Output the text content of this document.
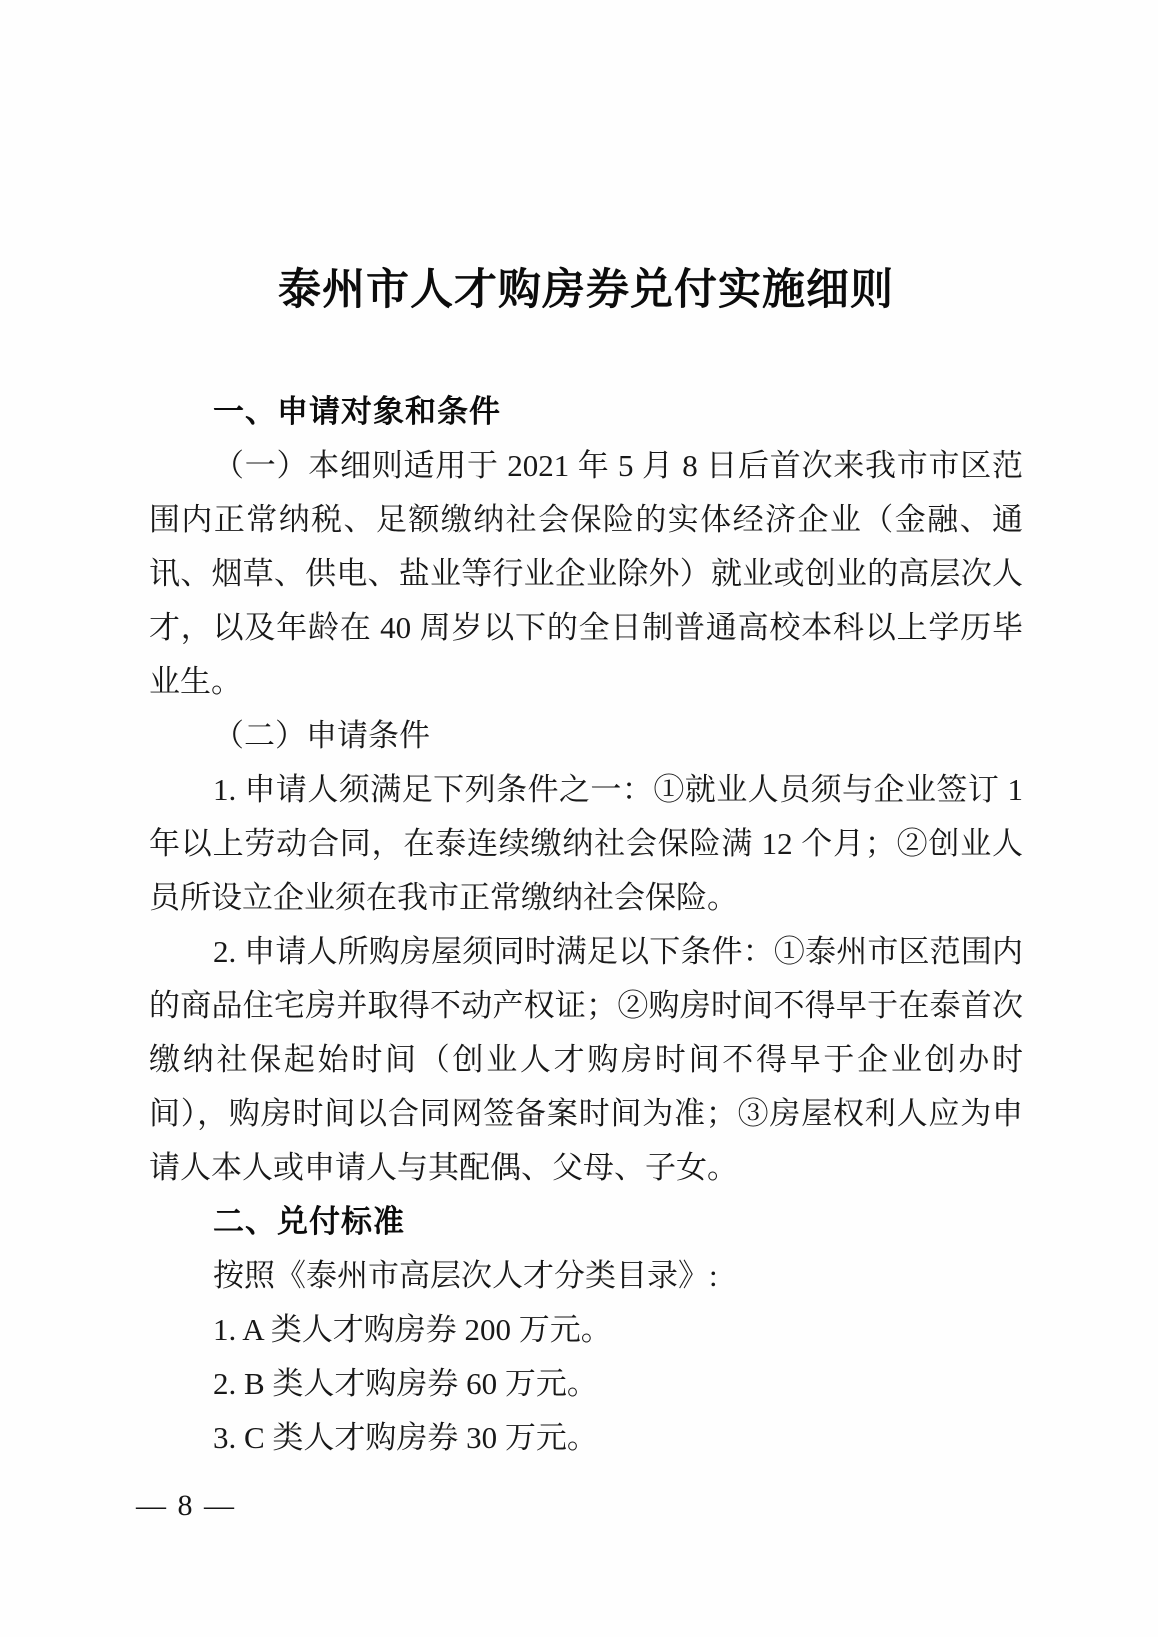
泰州市人才购房券兑付实施细则

一、申请对象和条件

（一）本细则适用于 2021 年 5 月 8 日后首次来我市市区范围内正常纳税、足额缴纳社会保险的实体经济企业（金融、通讯、烟草、供电、盐业等行业企业除外）就业或创业的高层次人才，以及年龄在 40 周岁以下的全日制普通高校本科以上学历毕业生。

（二）申请条件

1. 申请人须满足下列条件之一：①就业人员须与企业签订 1 年以上劳动合同，在泰连续缴纳社会保险满 12 个月；②创业人员所设立企业须在我市正常缴纳社会保险。

2. 申请人所购房屋须同时满足以下条件：①泰州市区范围内的商品住宅房并取得不动产权证；②购房时间不得早于在泰首次缴纳社保起始时间（创业人才购房时间不得早于企业创办时间），购房时间以合同网签备案时间为准；③房屋权利人应为申请人本人或申请人与其配偶、父母、子女。

二、兑付标准

按照《泰州市高层次人才分类目录》:

1. A 类人才购房券 200 万元。

2. B 类人才购房券 60 万元。

3. C 类人才购房券 30 万元。

— 8 —
